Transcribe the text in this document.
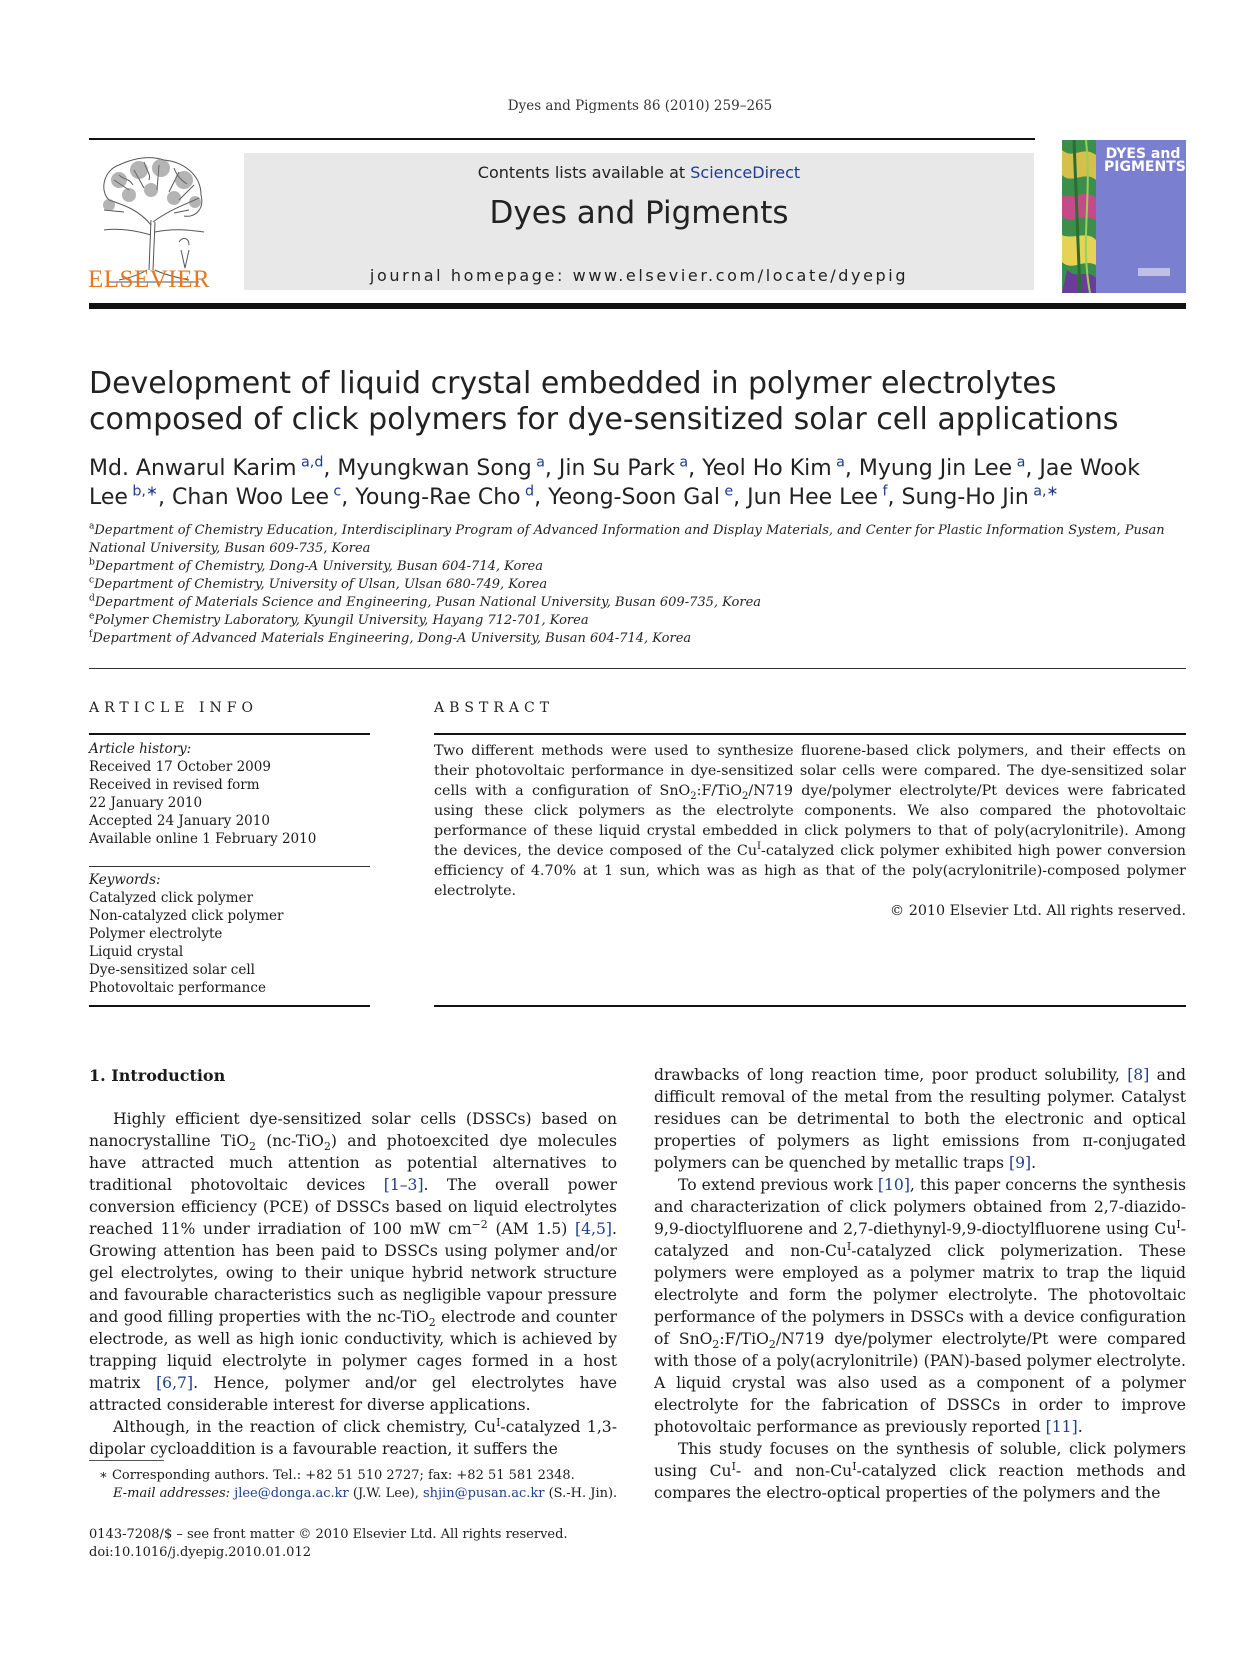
Dyes and Pigments 86 (2010) 259–265
ELSEVIER
Contents lists available at ScienceDirect
Dyes and Pigments
journal homepage: www.elsevier.com/locate/dyepig
DYES and PIGMENTS
Development of liquid crystal embedded in polymer electrolytes composed of click polymers for dye-sensitized solar cell applications
Md. Anwarul Karim  $^{a,d}$, Myungkwan Song  $^a$, Jin Su Park  $^a$, Yeol Ho Kim  $^a$, Myung Jin Lee  $^a$, Jae Wook Lee  $^{b,∗}$, Chan Woo Lee  $^c$, Young-Rae Cho  $^d$, Yeong-Soon Gal  $^e$, Jun Hee Lee  $^f$, Sung-Ho Jin  $^{a,∗}$
$^a$Department of Chemistry Education, Interdisciplinary Program of Advanced Information and Display Materials, and Center for Plastic Information System, Pusan National University, Busan 609-735, Korea
$^b$Department of Chemistry, Dong-A University, Busan 604-714, Korea
$^c$Department of Chemistry, University of Ulsan, Ulsan 680-749, Korea
$^d$Department of Materials Science and Engineering, Pusan National University, Busan 609-735, Korea
$^e$Polymer Chemistry Laboratory, Kyungil University, Hayang 712-701, Korea
$^f$Department of Advanced Materials Engineering, Dong-A University, Busan 604-714, Korea
ARTICLE INFO	ABSTRACT
Article history:
Received 17 October 2009
Received in revised form
22 January 2010
Accepted 24 January 2010
Available online 1 February 2010
Keywords:
Catalyzed click polymer
Non-catalyzed click polymer
Polymer electrolyte
Liquid crystal
Dye-sensitized solar cell
Photovoltaic performance
Two different methods were used to synthesize fluorene-based click polymers, and their effects on their photovoltaic performance in dye-sensitized solar cells were compared. The dye-sensitized solar cells with a configuration of SnO$_2$:F/TiO$_2$/N719 dye/polymer electrolyte/Pt devices were fabricated using these click polymers as the electrolyte components. We also compared the photovoltaic performance of these liquid crystal embedded in click polymers to that of poly(acrylonitrile). Among the devices, the device composed of the $Cu^I$-catalyzed click polymer exhibited high power conversion efficiency of 4.70% at 1 sun, which was as high as that of the poly(acrylonitrile)-composed polymer electrolyte.
© 2010 Elsevier Ltd. All rights reserved.
1. Introduction

Highly efficient dye-sensitized solar cells (DSSCs) based on nanocrystalline TiO$_2$ (nc-TiO$_2$) and photoexcited dye molecules have attracted much attention as potential alternatives to traditional photovoltaic devices [1–3]. The overall power conversion efficiency (PCE) of DSSCs based on liquid electrolytes reached 11% under irradiation of 100 mW $cm^{-2}$ (AM 1.5) [4,5]. Growing attention has been paid to DSSCs using polymer and/or gel electrolytes, owing to their unique hybrid network structure and favourable characteristics such as negligible vapour pressure and good filling properties with the nc-TiO$_2$ electrode and counter electrode, as well as high ionic conductivity, which is achieved by trapping liquid electrolyte in polymer cages formed in a host matrix [6,7]. Hence, polymer and/or gel electrolytes have attracted considerable interest for diverse applications.

Although, in the reaction of click chemistry, $Cu^I$-catalyzed 1,3-dipolar cycloaddition is a favourable reaction, it suffers the

drawbacks of long reaction time, poor product solubility, [8] and difficult removal of the metal from the resulting polymer. Catalyst residues can be detrimental to both the electronic and optical properties of polymers as light emissions from π-conjugated polymers can be quenched by metallic traps [9].

To extend previous work [10], this paper concerns the synthesis and characterization of click polymers obtained from 2,7-diazido-9,9-dioctylfluorene and 2,7-diethynyl-9,9-dioctylfluorene using $Cu^I$-catalyzed and non-$Cu^I$-catalyzed click polymerization. These polymers were employed as a polymer matrix to trap the liquid electrolyte and form the polymer electrolyte. The photovoltaic performance of the polymers in DSSCs with a device configuration of SnO$_2$:F/TiO$_2$/N719 dye/polymer electrolyte/Pt were compared with those of a poly(acrylonitrile) (PAN)-based polymer electrolyte. A liquid crystal was also used as a component of a polymer electrolyte for the fabrication of DSSCs in order to improve photovoltaic performance as previously reported [11].

This study focuses on the synthesis of soluble, click polymers using $Cu^I-$ and non-$Cu^I$-catalyzed click reaction methods and compares the electro-optical properties of the polymers and the

∗ Corresponding authors. Tel.: +82 51 510 2727; fax: +82 51 581 2348.
E-mail addresses: jlee@donga.ac.kr (J.W. Lee), shjin@pusan.ac.kr (S.-H. Jin).
0143-7208/$ – see front matter © 2010 Elsevier Ltd. All rights reserved.
doi:10.1016/j.dyepig.2010.01.012
